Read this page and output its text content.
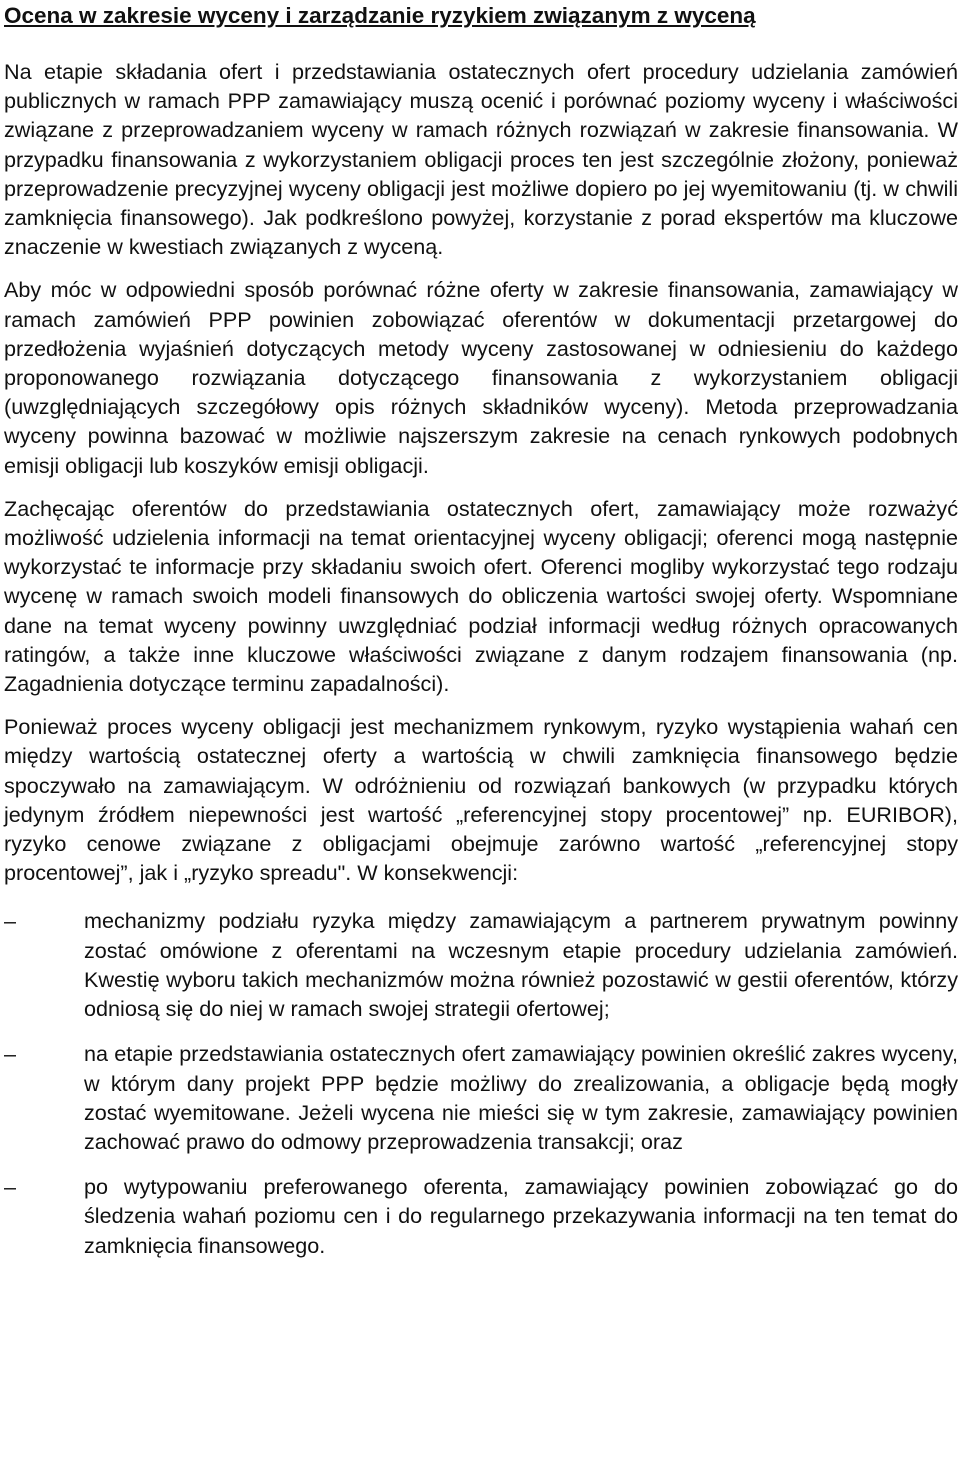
Ocena w zakresie wyceny i zarządzanie ryzykiem związanym z wyceną

Na etapie składania ofert i przedstawiania ostatecznych ofert procedury udzielania zamówień publicznych w ramach PPP zamawiający muszą ocenić i porównać poziomy wyceny i właściwości związane z przeprowadzaniem wyceny w ramach różnych rozwiązań w zakresie finansowania. W przypadku finansowania z wykorzystaniem obligacji proces ten jest szczególnie złożony, ponieważ przeprowadzenie precyzyjnej wyceny obligacji jest możliwe dopiero po jej wyemitowaniu (tj. w chwili zamknięcia finansowego). Jak podkreślono powyżej, korzystanie z porad ekspertów ma kluczowe znaczenie w kwestiach związanych z wyceną.

Aby móc w odpowiedni sposób porównać różne oferty w zakresie finansowania, zamawiający w ramach zamówień PPP powinien zobowiązać oferentów w dokumentacji przetargowej do przedłożenia wyjaśnień dotyczących metody wyceny zastosowanej w odniesieniu do każdego proponowanego rozwiązania dotyczącego finansowania z wykorzystaniem obligacji (uwzględniających szczegółowy opis różnych składników wyceny). Metoda przeprowadzania wyceny powinna bazować w możliwie najszerszym zakresie na cenach rynkowych podobnych emisji obligacji lub koszyków emisji obligacji.

Zachęcając oferentów do przedstawiania ostatecznych ofert, zamawiający może rozważyć możliwość udzielenia informacji na temat orientacyjnej wyceny obligacji; oferenci mogą następnie wykorzystać te informacje przy składaniu swoich ofert. Oferenci mogliby wykorzystać tego rodzaju wycenę w ramach swoich modeli finansowych do obliczenia wartości swojej oferty. Wspomniane dane na temat wyceny powinny uwzględniać podział informacji według różnych opracowanych ratingów, a także inne kluczowe właściwości związane z danym rodzajem finansowania (np. Zagadnienia dotyczące terminu zapadalności).

Ponieważ proces wyceny obligacji jest mechanizmem rynkowym, ryzyko wystąpienia wahań cen między wartością ostatecznej oferty a wartością w chwili zamknięcia finansowego będzie spoczywało na zamawiającym. W odróżnieniu od rozwiązań bankowych (w przypadku których jedynym źródłem niepewności jest wartość „referencyjnej stopy procentowej” np. EURIBOR), ryzyko cenowe związane z obligacjami obejmuje zarówno wartość „referencyjnej stopy procentowej”, jak i „ryzyko spreadu". W konsekwencji:

–	mechanizmy podziału ryzyka między zamawiającym a partnerem prywatnym powinny zostać omówione z oferentami na wczesnym etapie procedury udzielania zamówień. Kwestię wyboru takich mechanizmów można również pozostawić w gestii oferentów, którzy odniosą się do niej w ramach swojej strategii ofertowej;
–	na etapie przedstawiania ostatecznych ofert zamawiający powinien określić zakres wyceny, w którym dany projekt PPP będzie możliwy do zrealizowania, a obligacje będą mogły zostać wyemitowane. Jeżeli wycena nie mieści się w tym zakresie, zamawiający powinien zachować prawo do odmowy przeprowadzenia transakcji; oraz
–	po wytypowaniu preferowanego oferenta, zamawiający powinien zobowiązać go do śledzenia wahań poziomu cen i do regularnego przekazywania informacji na ten temat do zamknięcia finansowego.
